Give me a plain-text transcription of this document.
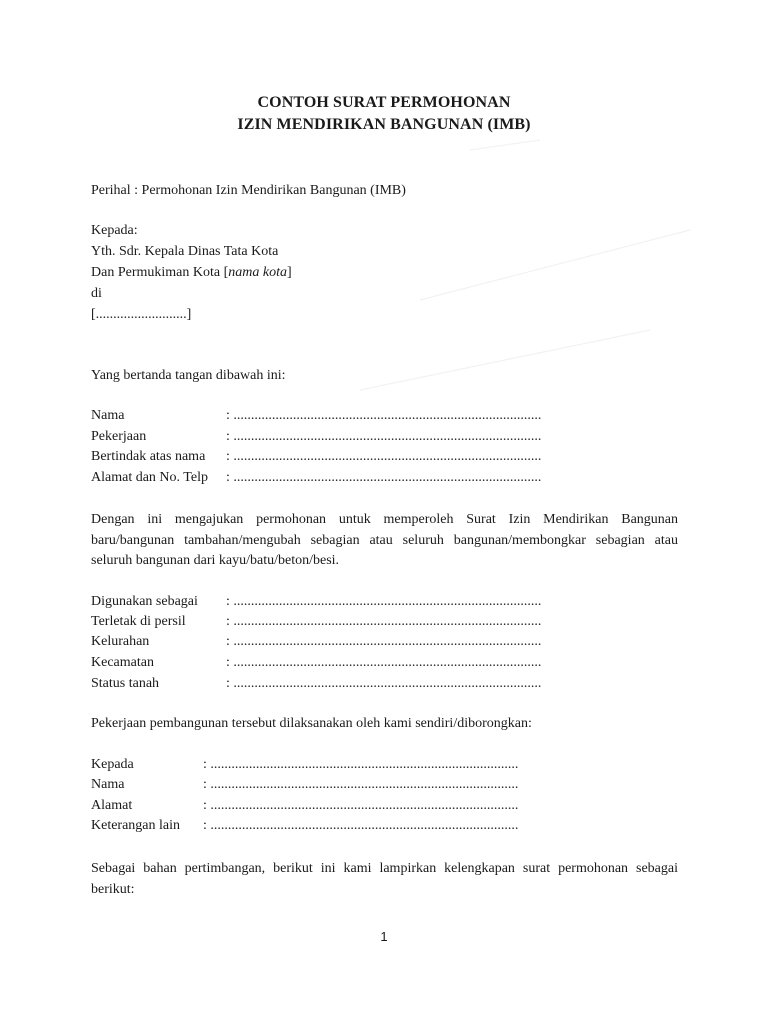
CONTOH SURAT PERMOHONAN
IZIN MENDIRIKAN BANGUNAN (IMB)
Perihal : Permohonan Izin Mendirikan Bangunan (IMB)
Kepada:
Yth. Sdr. Kepala Dinas Tata Kota
Dan Permukiman Kota [nama kota]
di
[..........................]
Yang bertanda tangan dibawah ini:
Nama	: ........................................................................................
Pekerjaan	: ........................................................................................
Bertindak atas nama : ........................................................................................
Alamat dan No. Telp : ........................................................................................
Dengan ini mengajukan permohonan untuk memperoleh Surat Izin Mendirikan Bangunan baru/bangunan tambahan/mengubah sebagian atau seluruh bangunan/membongkar sebagian atau seluruh bangunan dari kayu/batu/beton/besi.
Digunakan sebagai : ........................................................................................
Terletak di persil	: ........................................................................................
Kelurahan	: ........................................................................................
Kecamatan	: ........................................................................................
Status tanah	: ........................................................................................
Pekerjaan pembangunan tersebut dilaksanakan oleh kami sendiri/diborongkan:
Kepada	: ........................................................................................
Nama	: ........................................................................................
Alamat	: ........................................................................................
Keterangan lain : ........................................................................................
Sebagai bahan pertimbangan, berikut ini kami lampirkan kelengkapan surat permohonan sebagai berikut:
1
